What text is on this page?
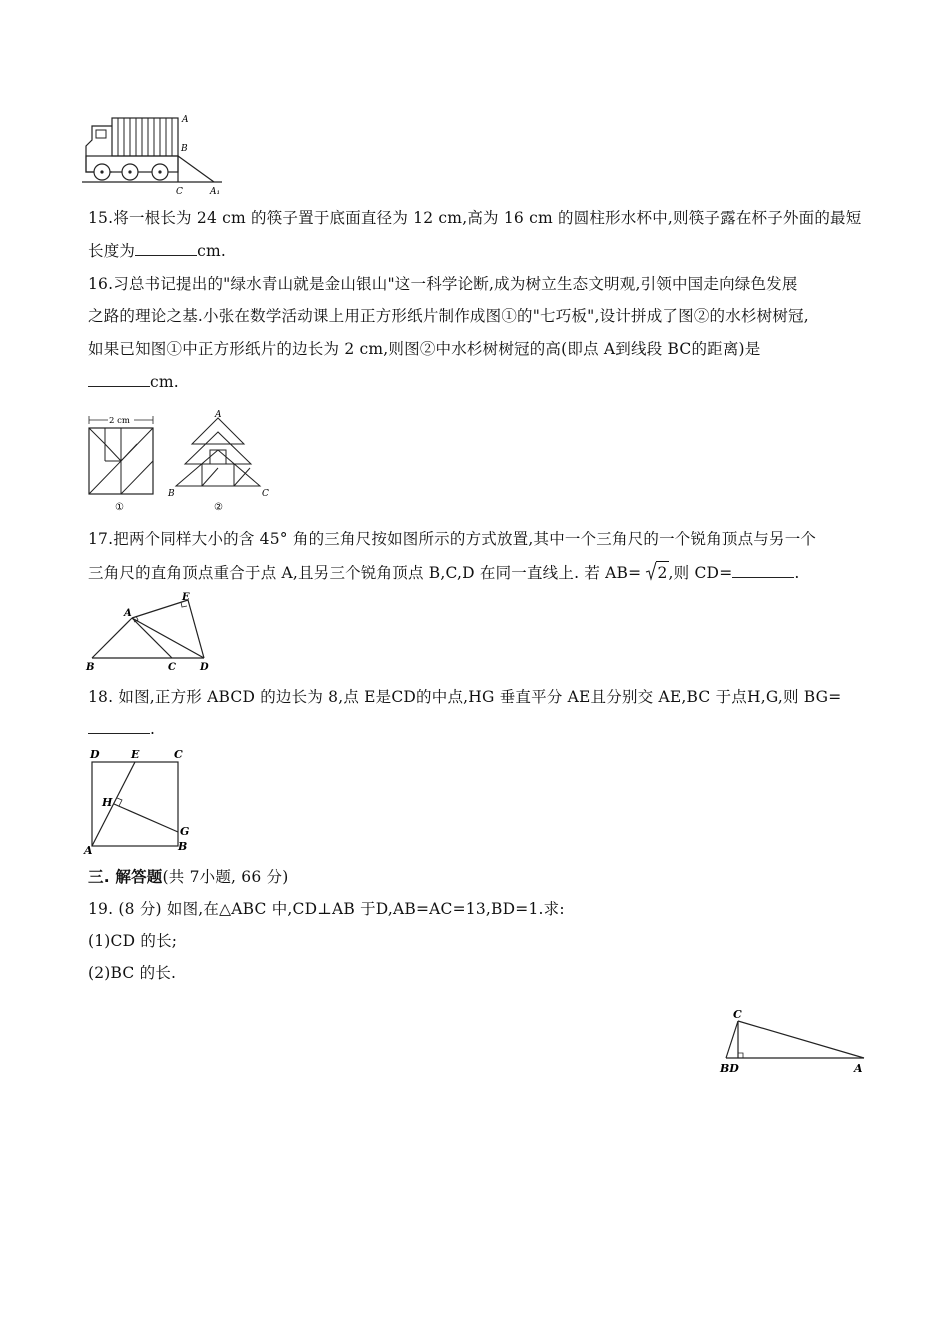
A
B
C	A₁
15.将一根长为 24 cm 的筷子置于底面直径为 12 cm,高为 16 cm 的圆柱形水杯中,则筷子露在杯子外面的最短
长度为	cm.
16.习总书记提出的"绿水青山就是金山银山"这一科学论断,成为树立生态文明观,引领中国走向绿色发展
之路的理论之基.小张在数学活动课上用正方形纸片制作成图①的"七巧板",设计拼成了图②的水杉树树冠,
如果已知图①中正方形纸片的边长为 2 cm,则图②中水杉树树冠的高(即点 A到线段 BC的距离)是
cm.
2 cm
①
A
B	C
②
17.把两个同样大小的含 45° 角的三角尺按如图所示的方式放置,其中一个三角尺的一个锐角顶点与另一个
三角尺的直角顶点重合于点 A,且另三个锐角顶点 B,C,D 在同一直线上. 若 AB= 2,则 CD=	.
A
E
B	C D
18. 如图,正方形 ABCD 的边长为 8,点 E是CD的中点,HG 垂直平分 AE且分别交 AE,BC 于点H,G,则 BG=
.
D	E	C
H
G
A	B
三. 解答题(共 7小题, 66 分)
19. (8 分) 如图,在△ABC 中,CD⊥AB 于D,AB=AC=13,BD=1.求:
(1)CD 的长;
(2)BC 的长.
C
BD	A
